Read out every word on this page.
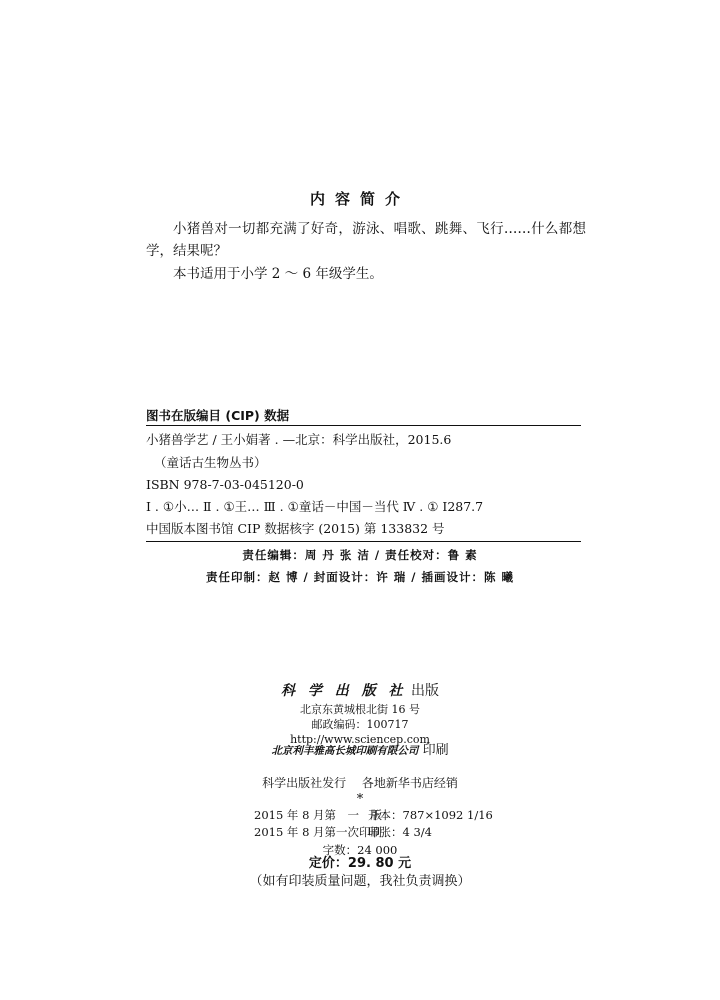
内容简介
小猪兽对一切都充满了好奇，游泳、唱歌、跳舞、飞行……什么都想学，结果呢？
本书适用于小学 2 ～ 6 年级学生。
图书在版编目 (CIP) 数据
小猪兽学艺 / 王小娟著 . —北京：科学出版社，2015.6
（童话古生物丛书）
ISBN 978-7-03-045120-0
Ⅰ . ①小… Ⅱ . ①王… Ⅲ . ①童话－中国－当代 Ⅳ . ① I287.7
中国版本图书馆 CIP 数据核字 (2015) 第 133832 号
责任编辑：周 丹 张 洁 / 责任校对：鲁 素
责任印制：赵 博 / 封面设计：许 瑞 / 插画设计：陈 曦
科 学 出 版 社 出版
北京东黄城根北街 16 号
邮政编码：100717
http://www.sciencep.com
北京利丰雅高长城印刷有限公司 印刷
科学出版社发行　 各地新华书店经销
*
2015 年 8 月第　一　版
开本：787×1092 1/16
2015 年 8 月第一次印刷
印张：4 3/4
字数：24 000
定价：29. 80 元
（如有印装质量问题，我社负责调换）
